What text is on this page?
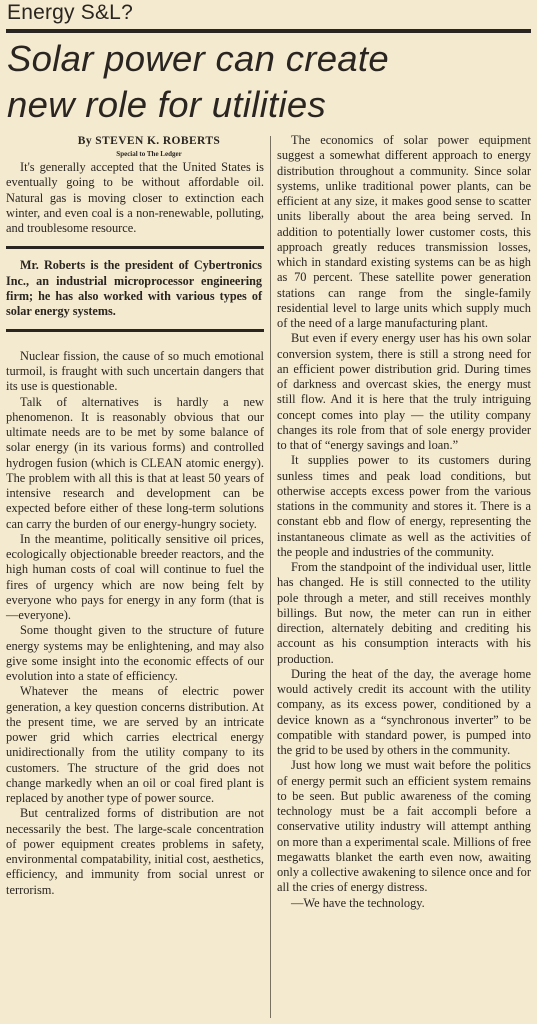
Energy S&L?
Solar power can create
new role for utilities

By STEVEN K. ROBERTS

Special to The Ledger

It's generally accepted that the United States is eventually going to be without affordable oil. Natural gas is moving closer to extinction each winter, and even coal is a non-renewable, polluting, and troublesome resource.

Mr. Roberts is the president of Cybertronics Inc., an industrial microprocessor engineering firm; he has also worked with various types of solar energy systems.

Nuclear fission, the cause of so much emotional turmoil, is fraught with such uncertain dangers that its use is questionable.

Talk of alternatives is hardly a new phenomenon. It is reasonably obvious that our ultimate needs are to be met by some balance of solar energy (in its various forms) and controlled hydrogen fusion (which is CLEAN atomic energy). The problem with all this is that at least 50 years of intensive research and development can be expected before either of these long-term solutions can carry the burden of our energy-hungry society.

In the meantime, politically sensitive oil prices, ecologically objectionable breeder reactors, and the high human costs of coal will continue to fuel the fires of urgency which are now being felt by everyone who pays for energy in any form (that is—everyone).

Some thought given to the structure of future energy systems may be enlightening, and may also give some insight into the economic effects of our evolution into a state of efficiency.

Whatever the means of electric power generation, a key question concerns distribution. At the present time, we are served by an intricate power grid which carries electrical energy unidirectionally from the utility company to its customers. The structure of the grid does not change markedly when an oil or coal fired plant is replaced by another type of power source.

But centralized forms of distribution are not necessarily the best. The large-scale concentration of power equipment creates problems in safety, environmental compatability, initial cost, aesthetics, efficiency, and immunity from social unrest or terrorism.

The economics of solar power equipment suggest a somewhat different approach to energy distribution throughout a community. Since solar systems, unlike traditional power plants, can be efficient at any size, it makes good sense to scatter units liberally about the area being served. In addition to potentially lower customer costs, this approach greatly reduces transmission losses, which in standard existing systems can be as high as 70 percent. These satellite power generation stations can range from the single-family residential level to large units which supply much of the need of a large manufacturing plant.

But even if every energy user has his own solar conversion system, there is still a strong need for an efficient power distribution grid. During times of darkness and overcast skies, the energy must still flow. And it is here that the truly intriguing concept comes into play — the utility company changes its role from that of sole energy provider to that of “energy savings and loan.”

It supplies power to its customers during sunless times and peak load conditions, but otherwise accepts excess power from the various stations in the community and stores it. There is a constant ebb and flow of energy, representing the instantaneous climate as well as the activities of the people and industries of the community.

From the standpoint of the individual user, little has changed. He is still connected to the utility pole through a meter, and still receives monthly billings. But now, the meter can run in either direction, alternately debiting and crediting his account as his consumption interacts with his production.

During the heat of the day, the average home would actively credit its account with the utility company, as its excess power, conditioned by a device known as a “synchronous inverter” to be compatible with standard power, is pumped into the grid to be used by others in the community.

Just how long we must wait before the politics of energy permit such an efficient system remains to be seen. But public awareness of the coming technology must be a fait accompli before a conservative utility industry will attempt anthing on more than a experimental scale. Millions of free megawatts blanket the earth even now, awaiting only a collective awakening to silence once and for all the cries of energy distress.

—We have the technology.
